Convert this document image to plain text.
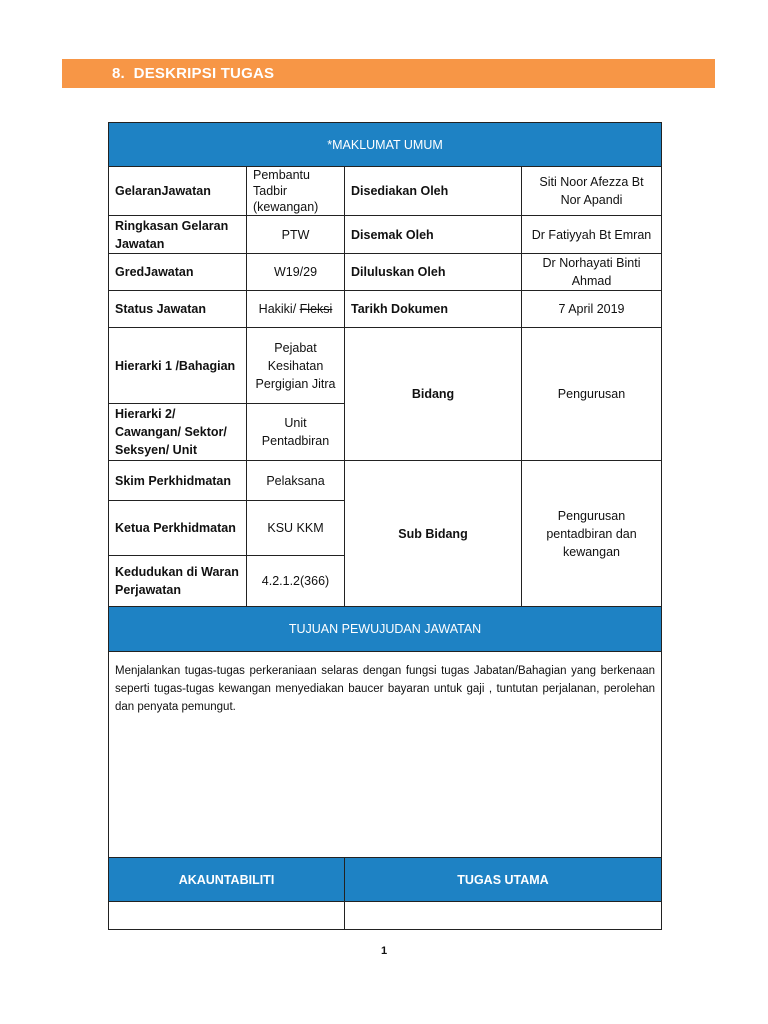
8. DESKRIPSI TUGAS
*MAKLUMAT UMUM			
GelaranJawatan	Pembantu Tadbir (kewangan)	Disediakan Oleh	Siti Noor Afezza Bt Nor Apandi
Ringkasan Gelaran Jawatan	PTW	Disemak Oleh	Dr Fatiyyah Bt Emran
GredJawatan	W19/29	Diluluskan Oleh	Dr Norhayati Binti Ahmad
Status Jawatan	Hakiki/ Fleksi	Tarikh Dokumen	7 April 2019
Hierarki 1 /Bahagian	Pejabat Kesihatan Pergigian Jitra	Bidang	Pengurusan
Hierarki 2/ Cawangan/ Sektor/ Seksyen/ Unit	Unit Pentadbiran		
Skim Perkhidmatan	Pelaksana	Sub Bidang	Pengurusan pentadbiran dan kewangan
Ketua Perkhidmatan	KSU KKM		
Kedudukan di Waran Perjawatan	4.2.1.2(366)		
TUJUAN PEWUJUDAN JAWATAN			
Menjalankan tugas-tugas perkeraniaan selaras dengan fungsi tugas Jabatan/Bahagian yang berkenaan seperti tugas-tugas kewangan menyediakan baucer bayaran untuk gaji , tuntutan perjalanan, perolehan dan penyata pemungut.			
AKAUNTABILITI		TUGAS UTAMA	

1
